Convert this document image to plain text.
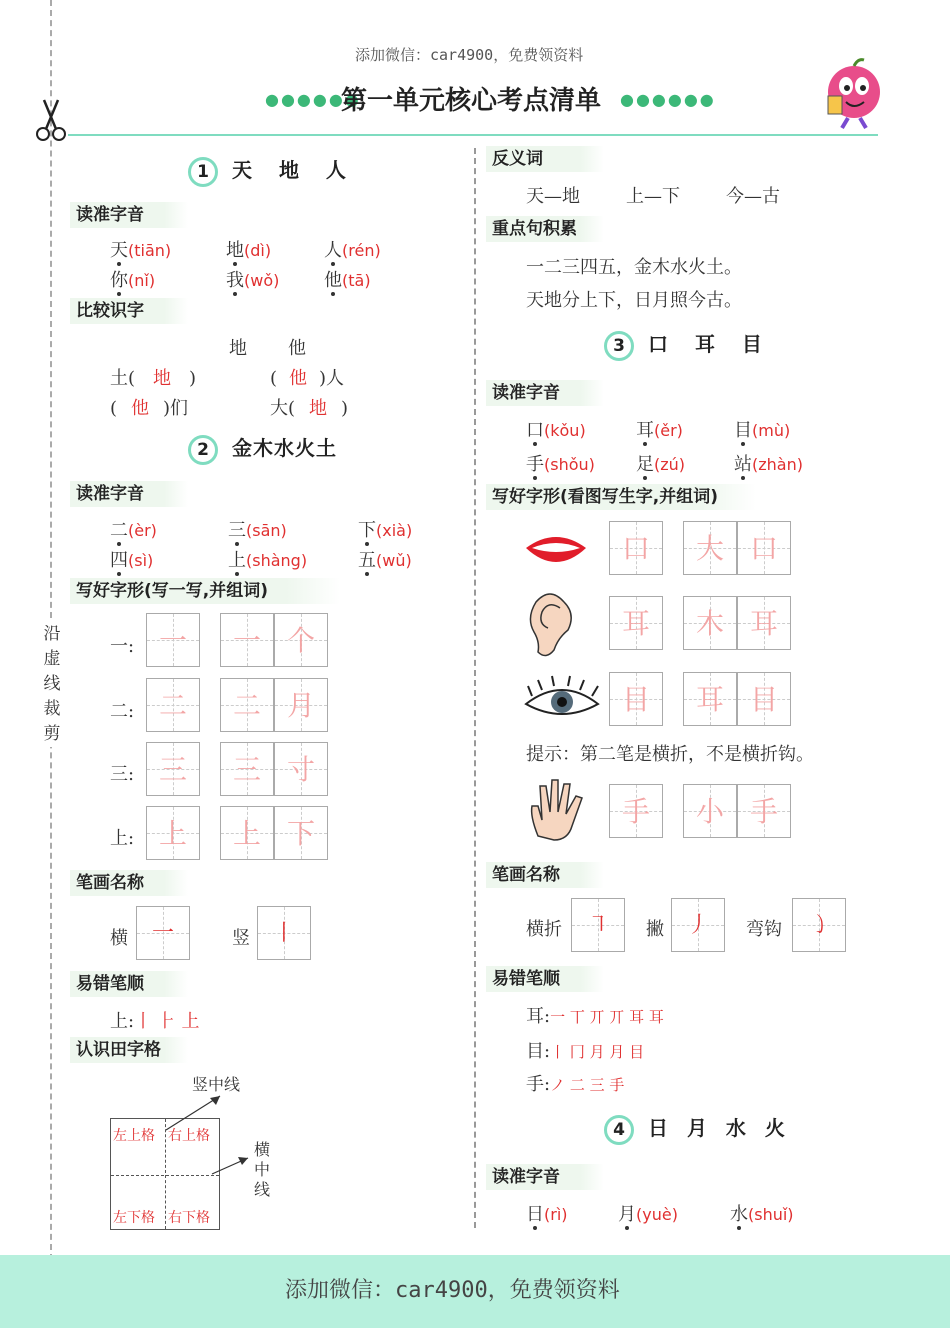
添加微信：car4900，免费领资料
●●●●●●
第一单元核心考点清单 ●●●●●●
沿
虚
线
裁
剪
1 天 地 人
读准字音
天(tiān)	地(dì)	人(rén)
你(nǐ)	我(wǒ) 他(tā)
比较识字
地 他
土( 地 )	( 他 )人
( 他 )们	大( 地 )
2 金木水火土
读准字音
二(èr)	三(sān)	下(xià)
四(sì)	上(shàng)	五(wǔ)
写好字形(写一写,并组词)
一: 一	一 个
二: 二	二 月
三: 三	三 寸
上: 上	上 下
笔画名称
横	一	竖	丨
易错笔顺
上:丨 ⺊ 上
认识田字格
竖中线
横
中
线
左上格 右上格
左下格 右下格
反义词
天—地	上—下	今—古
重点句积累
一二三四五，金木水火土。
天地分上下，日月照今古。
3 口 耳 目
读准字音
口(kǒu)	耳(ěr)	目(mù)
手(shǒu) 足(zú)	站(zhàn)
写好字形(看图写生字,并组词)
口	大 口
耳	木 耳
目	耳 目
提示：第二笔是横折，不是横折钩。
手	小 手
笔画名称
横折	㇕	撇	丿	弯钩	㇁
易错笔顺
耳:一 丅 丌 丌 耳 耳
目:丨 冂 月 月 目
手:ノ 二 三 手
4 日 月 水 火
读准字音
日(rì)	月(yuè)	水(shuǐ)
添加微信：car4900，免费领资料
